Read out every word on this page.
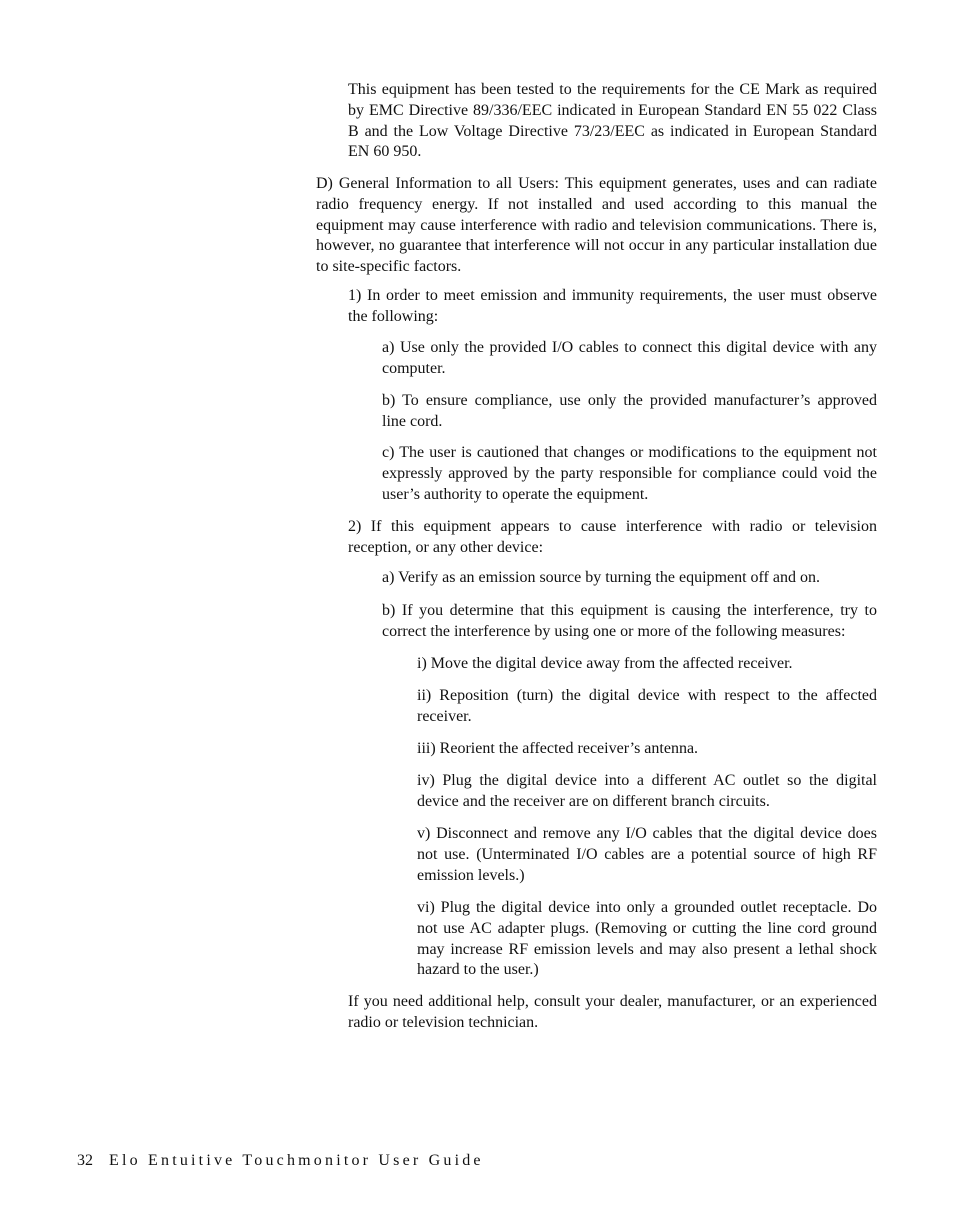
This equipment has been tested to the requirements for the CE Mark as required by EMC Directive 89/336/EEC indicated in European Standard EN 55 022 Class B and the Low Voltage Directive 73/23/EEC as indicated in European Standard EN 60 950.

D) General Information to all Users: This equipment generates, uses and can radiate radio frequency energy. If not installed and used according to this manual the equipment may cause interference with radio and television communications. There is, however, no guarantee that interference will not occur in any particular installation due to site-specific factors.

1) In order to meet emission and immunity requirements, the user must observe the following:

a) Use only the provided I/O cables to connect this digital device with any computer.

b) To ensure compliance, use only the provided manufacturer’s approved line cord.

c) The user is cautioned that changes or modifications to the equipment not expressly approved by the party responsible for compliance could void the user’s authority to operate the equipment.

2) If this equipment appears to cause interference with radio or television reception, or any other device:

a) Verify as an emission source by turning the equipment off and on.

b) If you determine that this equipment is causing the interference, try to correct the interference by using one or more of the following measures:

i) Move the digital device away from the affected receiver.

ii) Reposition (turn) the digital device with respect to the affected receiver.

iii) Reorient the affected receiver’s antenna.

iv) Plug the digital device into a different AC outlet so the digital device and the receiver are on different branch circuits.

v) Disconnect and remove any I/O cables that the digital device does not use. (Unterminated I/O cables are a potential source of high RF emission levels.)

vi) Plug the digital device into only a grounded outlet receptacle. Do not use AC adapter plugs. (Removing or cutting the line cord ground may increase RF emission levels and may also present a lethal shock hazard to the user.)

If you need additional help, consult your dealer, manufacturer, or an experienced radio or television technician.

32 Elo Entuitive Touchmonitor User Guide
